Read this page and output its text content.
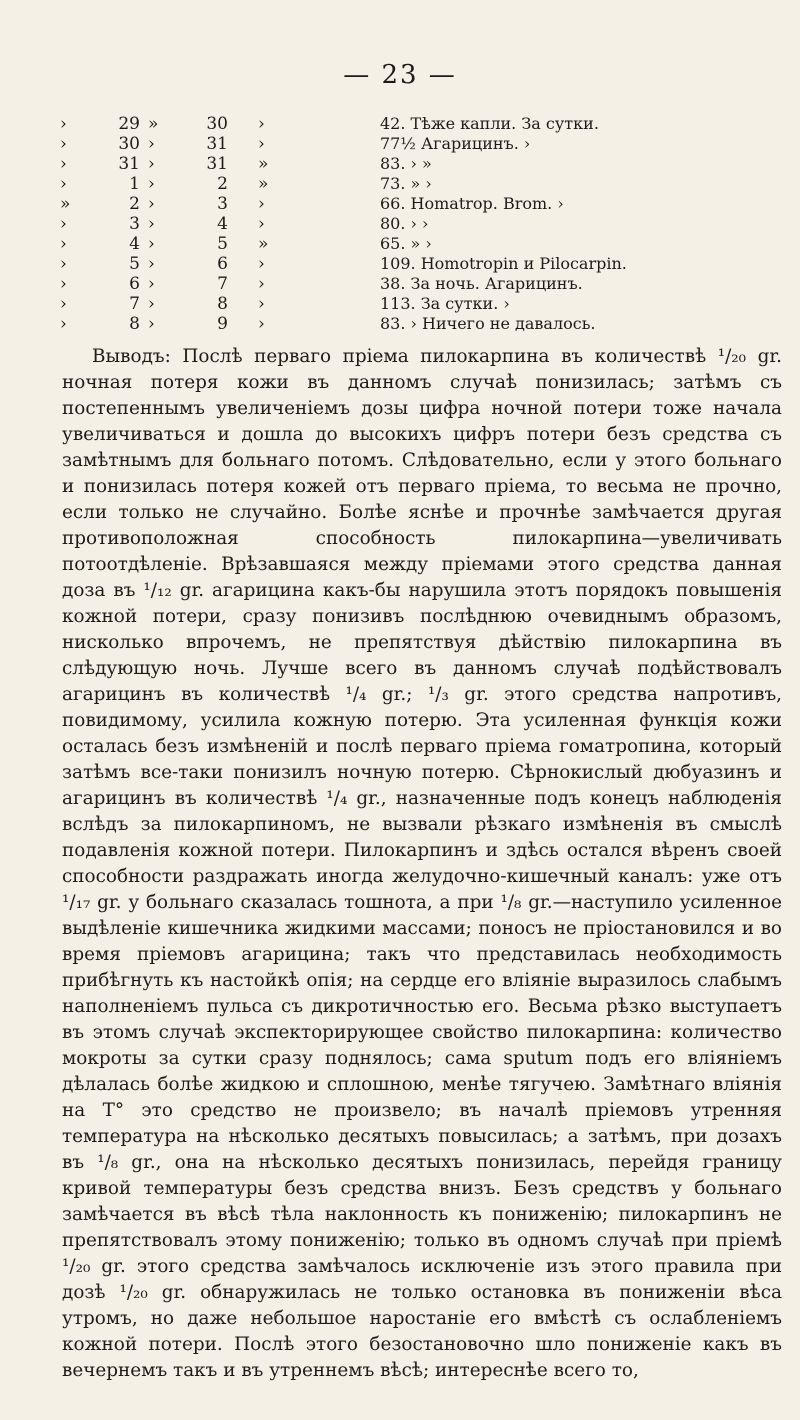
— 23 —
›	29	»	30	›	42. Тѣже капли. За сутки.
›	30	›	31	›	77½ Агарицинъ. ›
›	31	›	31	»	83. › »
›	1	›	2	»	73. » ›
»	2	›	3	›	66. Нomatrop. Brom. ›
›	3	›	4	›	80. › ›
›	4	›	5	»	65. » ›
›	5	›	6	›	109. Homotropin и Pilocarpin.
›	6	›	7	›	38. За ночь. Агарицинъ.
›	7	›	8	›	113. За сутки. ›
›	8	›	9	›	83. › Ничего не давалось.

Выводъ: Послѣ перваго пріема пилокарпина въ количествѣ ¹/₂₀ gr. ночная потеря кожи въ данномъ случаѣ понизилась; затѣмъ съ постепеннымъ увеличеніемъ дозы цифра ночной потери тоже начала увеличиваться и дошла до высокихъ цифръ потери безъ средства съ замѣтнымъ для больнаго потомъ. Слѣдовательно, если у этого больнаго и понизилась потеря кожей отъ перваго пріема, то весьма не прочно, если только не случайно. Болѣе яснѣе и прочнѣе замѣчается другая противоположная способность пилокарпина—увеличивать потоотдѣленіе. Врѣзавшаяся между пріемами этого средства данная доза въ ¹/₁₂ gr. агарицина какъ-бы нарушила этотъ порядокъ повышенія кожной потери, сразу понизивъ послѣднюю очевиднымъ образомъ, нисколько впрочемъ, не препятствуя дѣйствію пилокарпина въ слѣдующую ночь. Лучше всего въ данномъ случаѣ подѣйствовалъ агарицинъ въ количествѣ ¹/₄ gr.; ¹/₃ gr. этого средства напротивъ, повидимому, усилила кожную потерю. Эта усиленная функція кожи осталась безъ измѣненій и послѣ перваго пріема гоматропина, который затѣмъ все-таки понизилъ ночную потерю. Сѣрнокислый дюбуазинъ и агарицинъ въ количествѣ ¹/₄ gr., назначенные подъ конецъ наблюденія вслѣдъ за пилокарпиномъ, не вызвали рѣзкаго измѣненія въ смыслѣ подавленія кожной потери. Пилокарпинъ и здѣсь остался вѣренъ своей способности раздражать иногда желудочно-кишечный каналъ: уже отъ ¹/₁₇ gr. у больнаго сказалась тошнота, а при ¹/₈ gr.—наступило усиленное выдѣленіе кишечника жидкими массами; поносъ не пріостановился и во время пріемовъ агарицина; такъ что представилась необходимость прибѣгнуть къ настойкѣ опія; на сердце его вліяніе выразилось слабымъ наполненіемъ пульса съ дикротичностью его. Весьма рѣзко выступаетъ въ этомъ случаѣ экспекторирующее свойство пилокарпина: количество мокроты за сутки сразу поднялось; сама sputum подъ его вліяніемъ дѣлалась болѣе жидкою и сплошною, менѣе тягучею. Замѣтнаго вліянія на T° это средство не произвело; въ началѣ пріемовъ утренняя температура на нѣсколько десятыхъ повысилась; а затѣмъ, при дозахъ въ ¹/₈ gr., она на нѣсколько десятыхъ понизилась, перейдя границу кривой температуры безъ средства внизъ. Безъ средствъ у больнаго замѣчается въ вѣсѣ тѣла наклонность къ пониженію; пилокарпинъ не препятствовалъ этому пониженію; только въ одномъ случаѣ при пріемѣ ¹/₂₀ gr. этого средства замѣчалось исключеніе изъ этого правила при дозѣ ¹/₂₀ gr. обнаружилась не только остановка въ пониженіи вѣса утромъ, но даже небольшое наростаніе его вмѣстѣ съ ослабленіемъ кожной потери. Послѣ этого безостановочно шло пониженіе какъ въ вечернемъ такъ и въ утреннемъ вѣсѣ; интереснѣе всего то,
